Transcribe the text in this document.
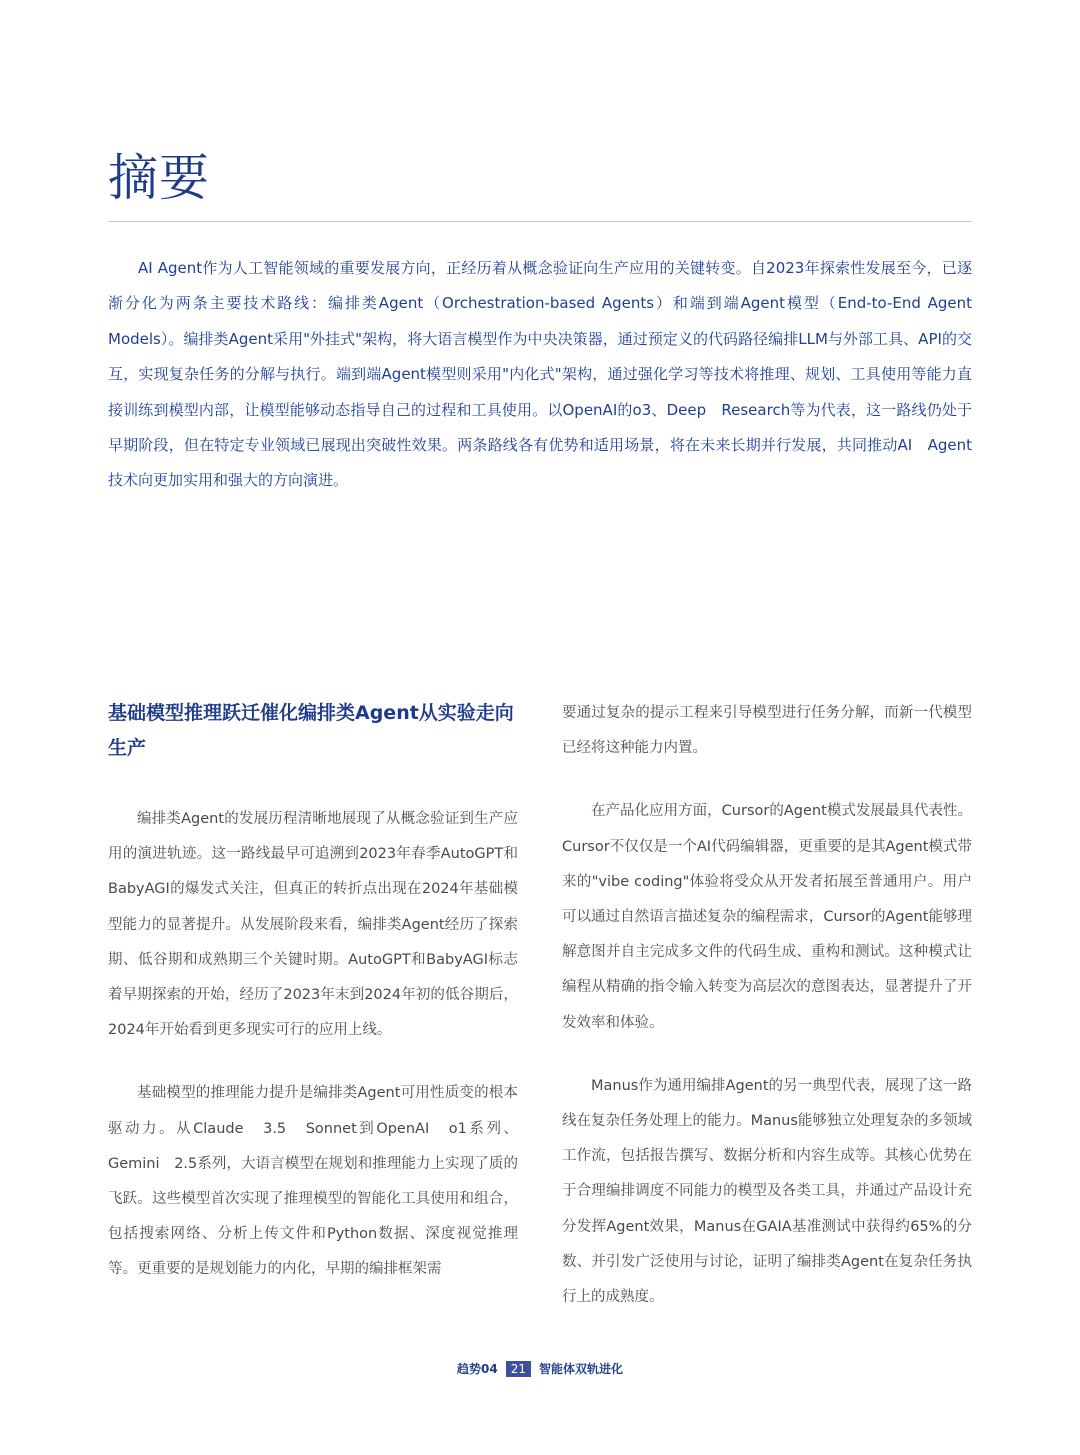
摘要

AI Agent作为人工智能领域的重要发展方向，正经历着从概念验证向生产应用的关键转变。自2023年探索性发展至今，已逐渐分化为两条主要技术路线：编排类Agent（Orchestration-based Agents）和端到端Agent模型（End-to-End Agent Models）。编排类Agent采用"外挂式"架构，将大语言模型作为中央决策器，通过预定义的代码路径编排LLM与外部工具、API的交互，实现复杂任务的分解与执行。端到端Agent模型则采用"内化式"架构，通过强化学习等技术将推理、规划、工具使用等能力直接训练到模型内部，让模型能够动态指导自己的过程和工具使用。以OpenAI的o3、Deep　Research等为代表，这一路线仍处于早期阶段，但在特定专业领域已展现出突破性效果。两条路线各有优势和适用场景，将在未来长期并行发展，共同推动AI　Agent技术向更加实用和强大的方向演进。

基础模型推理跃迁催化编排类Agent从实验走向生产

编排类Agent的发展历程清晰地展现了从概念验证到生产应用的演进轨迹。这一路线最早可追溯到2023年春季AutoGPT和BabyAGI的爆发式关注，但真正的转折点出现在2024年基础模型能力的显著提升。从发展阶段来看，编排类Agent经历了探索期、低谷期和成熟期三个关键时期。AutoGPT和BabyAGI标志着早期探索的开始，经历了2023年末到2024年初的低谷期后，2024年开始看到更多现实可行的应用上线。

基础模型的推理能力提升是编排类Agent可用性质变的根本驱动力。从Claude　3.5　Sonnet到OpenAI　o1系列、Gemini　2.5系列，大语言模型在规划和推理能力上实现了质的飞跃。这些模型首次实现了推理模型的智能化工具使用和组合，包括搜索网络、分析上传文件和Python数据、深度视觉推理等。更重要的是规划能力的内化，早期的编排框架需

要通过复杂的提示工程来引导模型进行任务分解，而新一代模型已经将这种能力内置。

在产品化应用方面，Cursor的Agent模式发展最具代表性。Cursor不仅仅是一个AI代码编辑器，更重要的是其Agent模式带来的"vibe coding"体验将受众从开发者拓展至普通用户。用户可以通过自然语言描述复杂的编程需求，Cursor的Agent能够理解意图并自主完成多文件的代码生成、重构和测试。这种模式让编程从精确的指令输入转变为高层次的意图表达，显著提升了开发效率和体验。

Manus作为通用编排Agent的另一典型代表，展现了这一路线在复杂任务处理上的能力。Manus能够独立处理复杂的多领域工作流，包括报告撰写、数据分析和内容生成等。其核心优势在于合理编排调度不同能力的模型及各类工具，并通过产品设计充分发挥Agent效果，Manus在GAIA基准测试中获得约65%的分数、并引发广泛使用与讨论，证明了编排类Agent在复杂任务执行上的成熟度。

趋势04	21	智能体双轨进化
